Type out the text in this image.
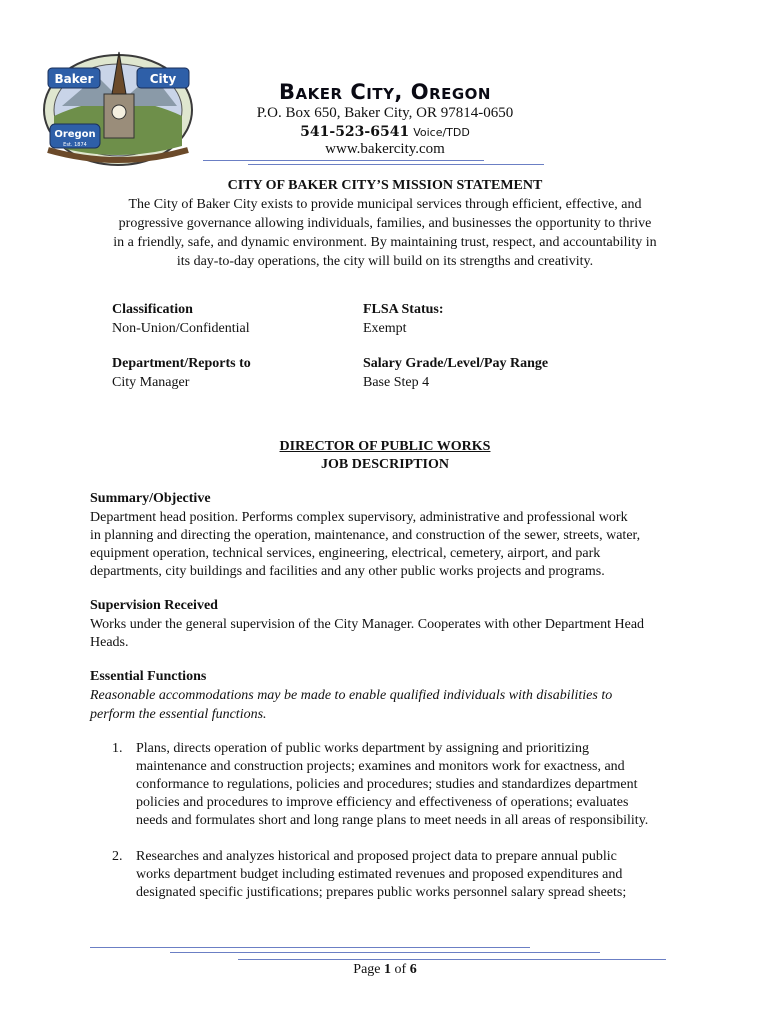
Baker	City
Oregon
Est. 1874
Baker City, Oregon
P.O. Box 650, Baker City, OR 97814-0650
541-523-6541 Voice/TDD
www.bakercity.com
CITY OF BAKER CITY’S MISSION STATEMENT
The City of Baker City exists to provide municipal services through efficient, effective, and
progressive governance allowing individuals, families, and businesses the opportunity to thrive
in a friendly, safe, and dynamic environment. By maintaining trust, respect, and accountability in
its day-to-day operations, the city will build on its strengths and creativity.
Classification
Non-Union/Confidential
FLSA Status:
Exempt
Department/Reports to
City Manager
Salary Grade/Level/Pay Range
Base Step 4
DIRECTOR OF PUBLIC WORKS
JOB DESCRIPTION
Summary/Objective
Department head position. Performs complex supervisory, administrative and professional work
in planning and directing the operation, maintenance, and construction of the sewer, streets, water,
equipment operation, technical services, engineering, electrical, cemetery, airport, and park
departments, city buildings and facilities and any other public works projects and programs.
Supervision Received
Works under the general supervision of the City Manager. Cooperates with other Department Head
Heads.
Essential Functions
Reasonable accommodations may be made to enable qualified individuals with disabilities to
perform the essential functions.
1. Plans, directs operation of public works department by assigning and prioritizing
maintenance and construction projects; examines and monitors work for exactness, and
conformance to regulations, policies and procedures; studies and standardizes department
policies and procedures to improve efficiency and effectiveness of operations; evaluates
needs and formulates short and long range plans to meet needs in all areas of responsibility.
2. Researches and analyzes historical and proposed project data to prepare annual public
works department budget including estimated revenues and proposed expenditures and
designated specific justifications; prepares public works personnel salary spread sheets;
Page 1 of 6
